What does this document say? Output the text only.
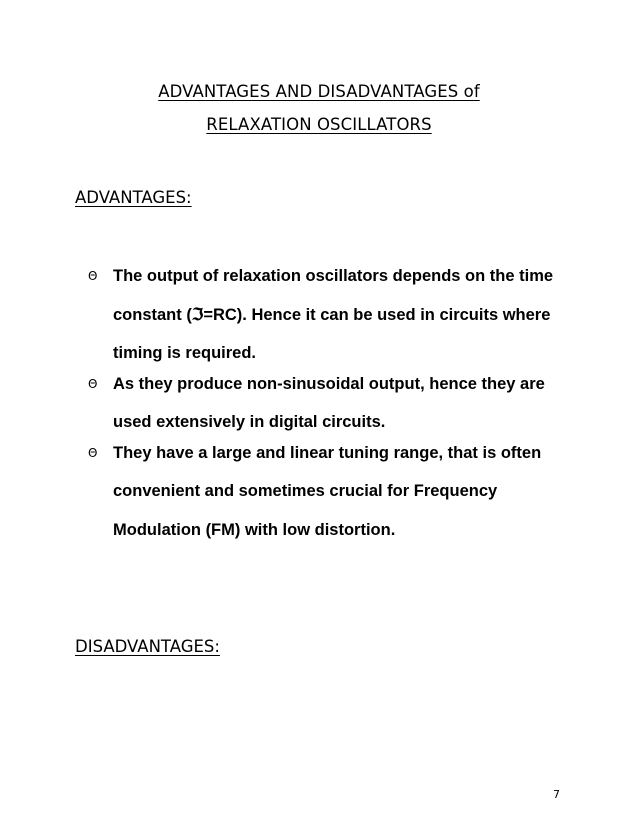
ADVANTAGES AND DISADVANTAGES of
RELAXATION OSCILLATORS
ADVANTAGES:
Θ The output of relaxation oscillators depends on the time constant (ℑ=RC). Hence it can be used in circuits where timing is required.
Θ As they produce non-sinusoidal output, hence they are used extensively in digital circuits.
Θ They have a large and linear tuning range, that is often convenient and sometimes crucial for Frequency Modulation (FM) with low distortion.
DISADVANTAGES:
7
